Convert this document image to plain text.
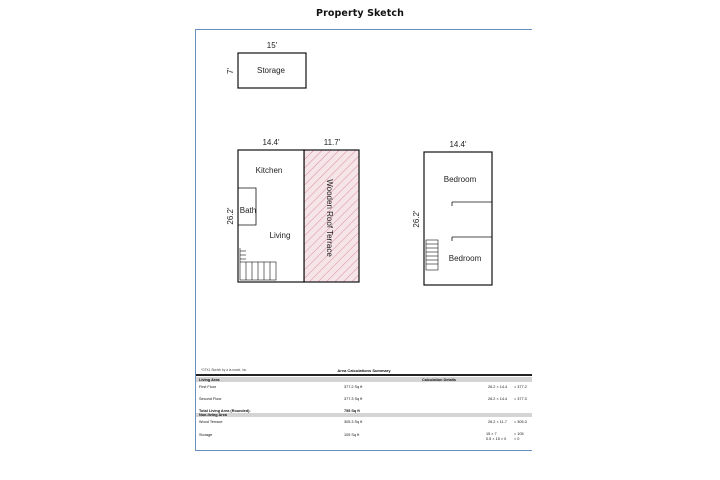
Property Sketch
15'
7'	Storage
14.4'	11.7'
26.2'
Kitchen
Bath
Living	Wooden Roof Terrace
14.4'
26.2'
Bedroom
Bedroom
*GTKL Sketch by a la mode, inc.	Area Calculations Summary
Living Area	Calculation Details
First Floor	377.2 Sq ft	26.2 × 14.4 = 377.2
Second Floor	377.3 Sq ft	26.2 × 14.4 = 377.3
Total Living Area (Rounded):	755 Sq ft
Non-living Area
Wood Terrace	305.3 Sq ft	26.2 × 11.7 = 305.3
Storage	105 Sq ft	15 × 7	= 105
0.5 × 15 × 0 = 0
